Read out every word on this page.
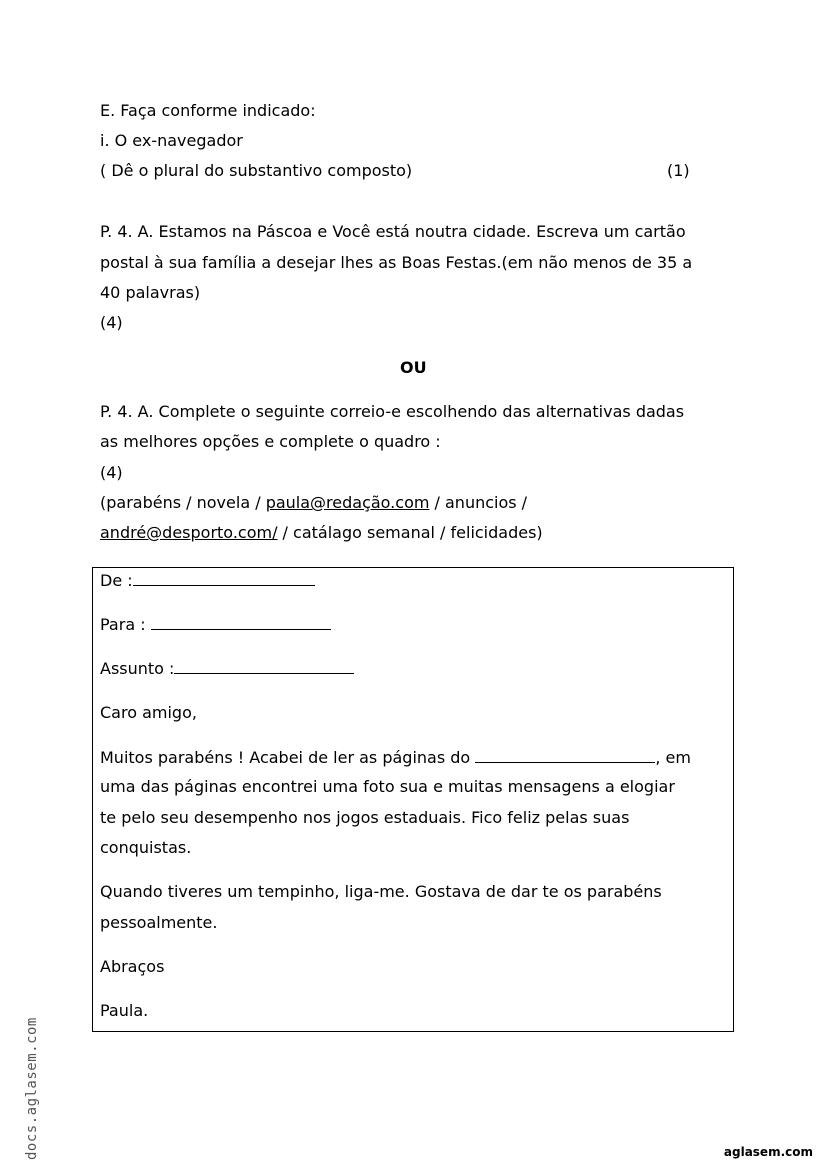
E. Faça conforme indicado:
i. O ex-navegador
( Dê o plural do substantivo composto)	(1)
P. 4. A. Estamos na Páscoa e Você está noutra cidade. Escreva um cartão
postal à sua família a desejar lhes as Boas Festas.(em não menos de 35 a
40 palavras)
(4)
OU
P. 4. A. Complete o seguinte correio-e escolhendo das alternativas dadas
as melhores opções e complete o quadro :
(4)
(parabéns / novela / paula@redação.com / anuncios /
andré@desporto.com/ / catálago semanal / felicidades)
De :
Para :
Assunto :
Caro amigo,
Muitos parabéns ! Acabei de ler as páginas do	, em
uma das páginas encontrei uma foto sua e muitas mensagens a elogiar
te pelo seu desempenho nos jogos estaduais. Fico feliz pelas suas
conquistas.
Quando tiveres um tempinho, liga-me. Gostava de dar te os parabéns
pessoalmente.
Abraços
Paula.
aglasem.com
docs.aglasem.com
